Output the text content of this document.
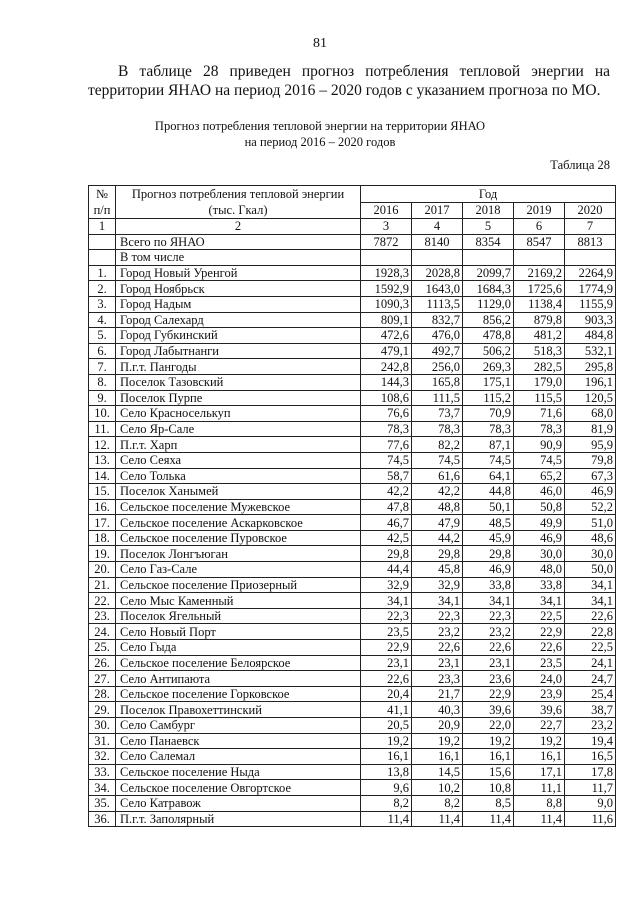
81
В таблице 28 приведен прогноз потребления тепловой энергии на
территории ЯНАО на период 2016 – 2020 годов с указанием прогноза по МО.
Прогноз потребления тепловой энергии на территории ЯНАО
на период 2016 – 2020 годов
Таблица 28
№ п/п	Прогноз потребления тепловой энергии (тыс. Гкал)	Год				
		2016	2017	2018	2019	2020
1	2	3	4	5	6	7
	Всего по ЯНАО	7872	8140	8354	8547	8813
	В том числе					
1.	Город Новый Уренгой	1928,3	2028,8	2099,7	2169,2	2264,9
2.	Город Ноябрьск	1592,9	1643,0	1684,3	1725,6	1774,9
3.	Город Надым	1090,3	1113,5	1129,0	1138,4	1155,9
4.	Город Салехард	809,1	832,7	856,2	879,8	903,3
5.	Город Губкинский	472,6	476,0	478,8	481,2	484,8
6.	Город Лабытнанги	479,1	492,7	506,2	518,3	532,1
7.	П.г.т. Пангоды	242,8	256,0	269,3	282,5	295,8
8.	Поселок Тазовский	144,3	165,8	175,1	179,0	196,1
9.	Поселок Пурпе	108,6	111,5	115,2	115,5	120,5
10.	Село Красноселькуп	76,6	73,7	70,9	71,6	68,0
11.	Село Яр-Сале	78,3	78,3	78,3	78,3	81,9
12.	П.г.т. Харп	77,6	82,2	87,1	90,9	95,9
13.	Село Сеяха	74,5	74,5	74,5	74,5	79,8
14.	Село Толька	58,7	61,6	64,1	65,2	67,3
15.	Поселок Ханымей	42,2	42,2	44,8	46,0	46,9
16.	Сельское поселение Мужевское	47,8	48,8	50,1	50,8	52,2
17.	Сельское поселение Аскарковское	46,7	47,9	48,5	49,9	51,0
18.	Сельское поселение Пуровское	42,5	44,2	45,9	46,9	48,6
19.	Поселок Лонгъюган	29,8	29,8	29,8	30,0	30,0
20.	Село Газ-Сале	44,4	45,8	46,9	48,0	50,0
21.	Сельское поселение Приозерный	32,9	32,9	33,8	33,8	34,1
22.	Село Мыс Каменный	34,1	34,1	34,1	34,1	34,1
23.	Поселок Ягельный	22,3	22,3	22,3	22,5	22,6
24.	Село Новый Порт	23,5	23,2	23,2	22,9	22,8
25.	Село Гыда	22,9	22,6	22,6	22,6	22,5
26.	Сельское поселение Белоярское	23,1	23,1	23,1	23,5	24,1
27.	Село Антипаюта	22,6	23,3	23,6	24,0	24,7
28.	Сельское поселение Горковское	20,4	21,7	22,9	23,9	25,4
29.	Поселок Правохеттинский	41,1	40,3	39,6	39,6	38,7
30.	Село Самбург	20,5	20,9	22,0	22,7	23,2
31.	Село Панаевск	19,2	19,2	19,2	19,2	19,4
32.	Село Салемал	16,1	16,1	16,1	16,1	16,5
33.	Сельское поселение Ныда	13,8	14,5	15,6	17,1	17,8
34.	Сельское поселение Овгортское	9,6	10,2	10,8	11,1	11,7
35.	Село Катравож	8,2	8,2	8,5	8,8	9,0
36.	П.г.т. Заполярный	11,4	11,4	11,4	11,4	11,6
